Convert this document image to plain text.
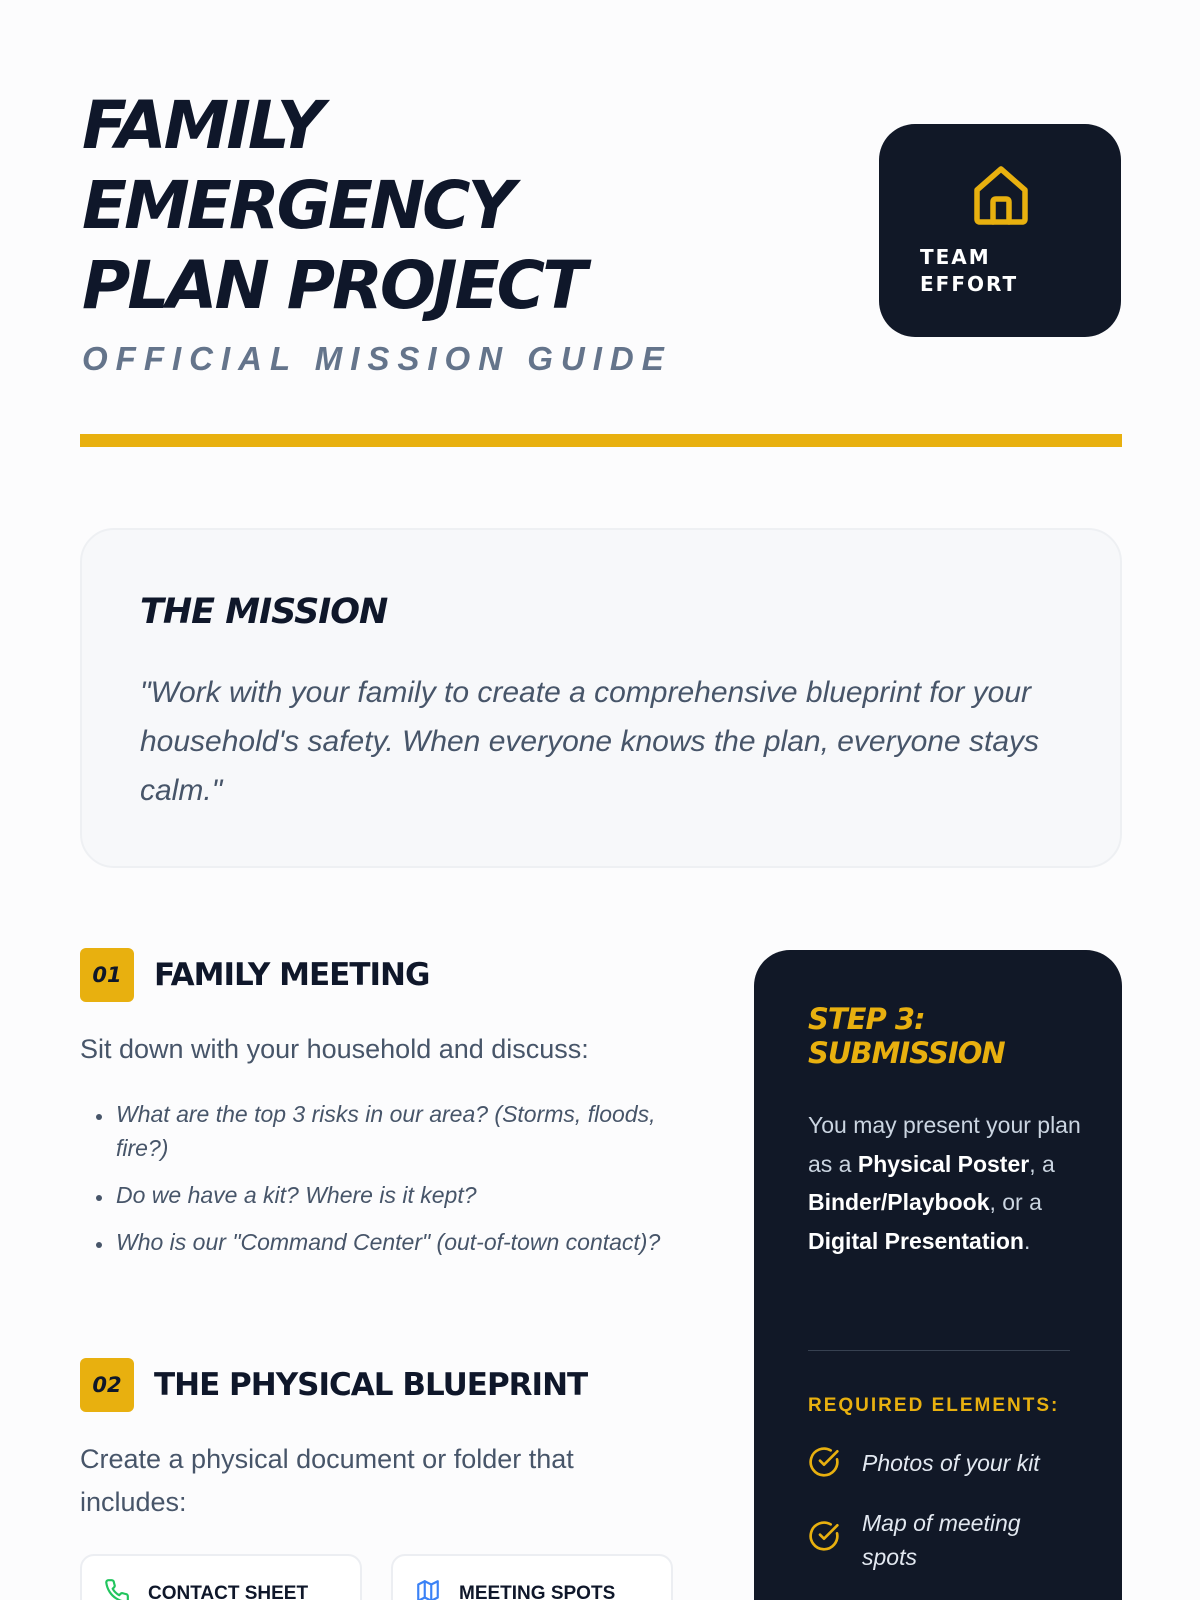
FAMILY
EMERGENCY
PLAN PROJECT
OFFICIAL MISSION GUIDE
TEAM
EFFORT
THE MISSION

"Work with your family to create a comprehensive blueprint for your household's safety. When everyone knows the plan, everyone stays calm."

01	FAMILY MEETING
Sit down with your household and discuss:
• What are the top 3 risks in our area? (Storms, floods, fire?)
• Do we have a kit? Where is it kept?
• Who is our "Command Center" (out-of-town contact)?
02	THE PHYSICAL BLUEPRINT
Create a physical document or folder that includes:
CONTACT SHEET	MEETING SPOTS
STEP 3:
SUBMISSION

You may present your plan as a Physical Poster, a Binder/Playbook, or a Digital Presentation.

REQUIRED ELEMENTS:
Photos of your kit
Map of meeting spots
